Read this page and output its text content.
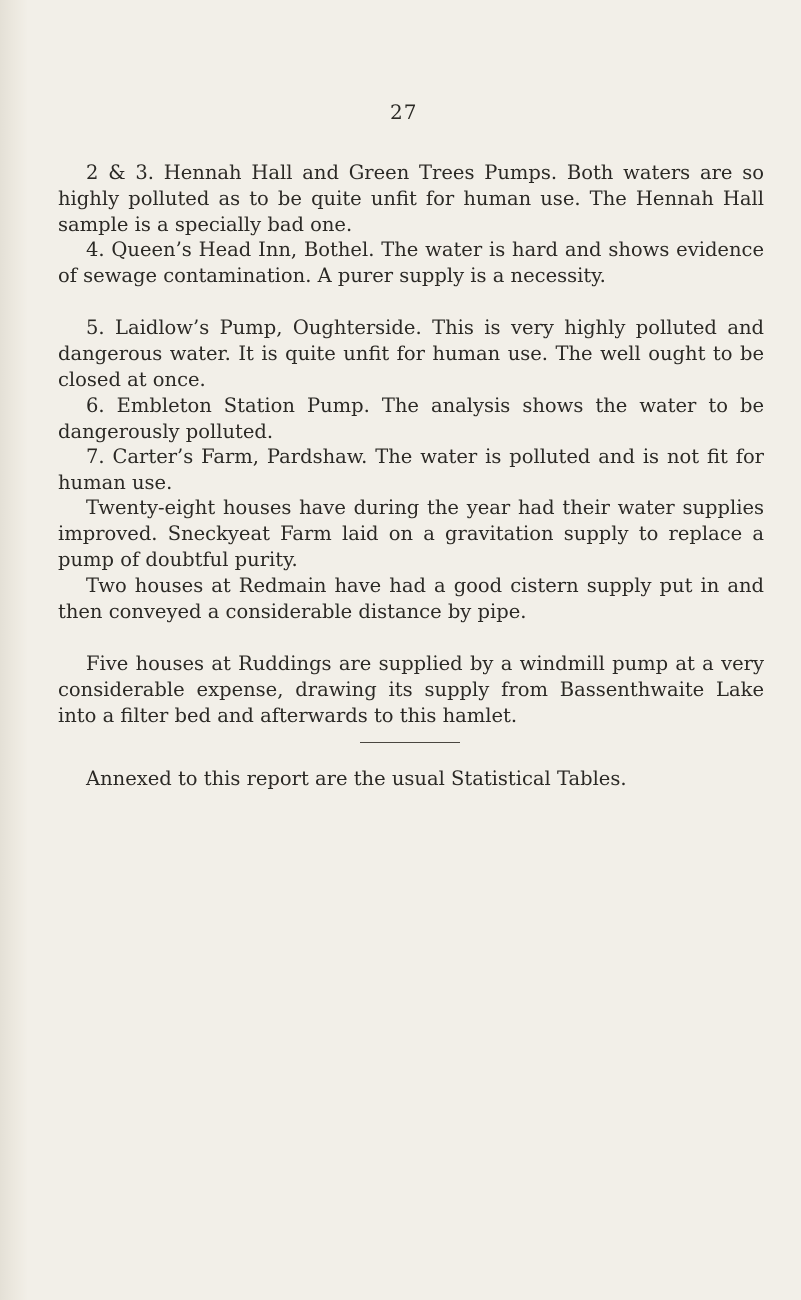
27

2 & 3. Hennah Hall and Green Trees Pumps. Both waters are so highly polluted as to be quite unfit for human use. The Hennah Hall sample is a specially bad one.

4. Queen’s Head Inn, Bothel. The water is hard and shows evidence of sewage contamination. A purer supply is a necessity.

5. Laidlow’s Pump, Oughterside. This is very highly polluted and dangerous water. It is quite unfit for human use. The well ought to be closed at once.

6. Embleton Station Pump. The analysis shows the water to be dangerously polluted.

7. Carter’s Farm, Pardshaw. The water is polluted and is not fit for human use.

Twenty-eight houses have during the year had their water supplies improved. Sneckyeat Farm laid on a gravitation supply to replace a pump of doubtful purity.

Two houses at Redmain have had a good cistern supply put in and then conveyed a considerable distance by pipe.

Five houses at Ruddings are supplied by a windmill pump at a very considerable expense, drawing its supply from Bassenthwaite Lake into a filter bed and afterwards to this hamlet.

Annexed to this report are the usual Statistical Tables.
